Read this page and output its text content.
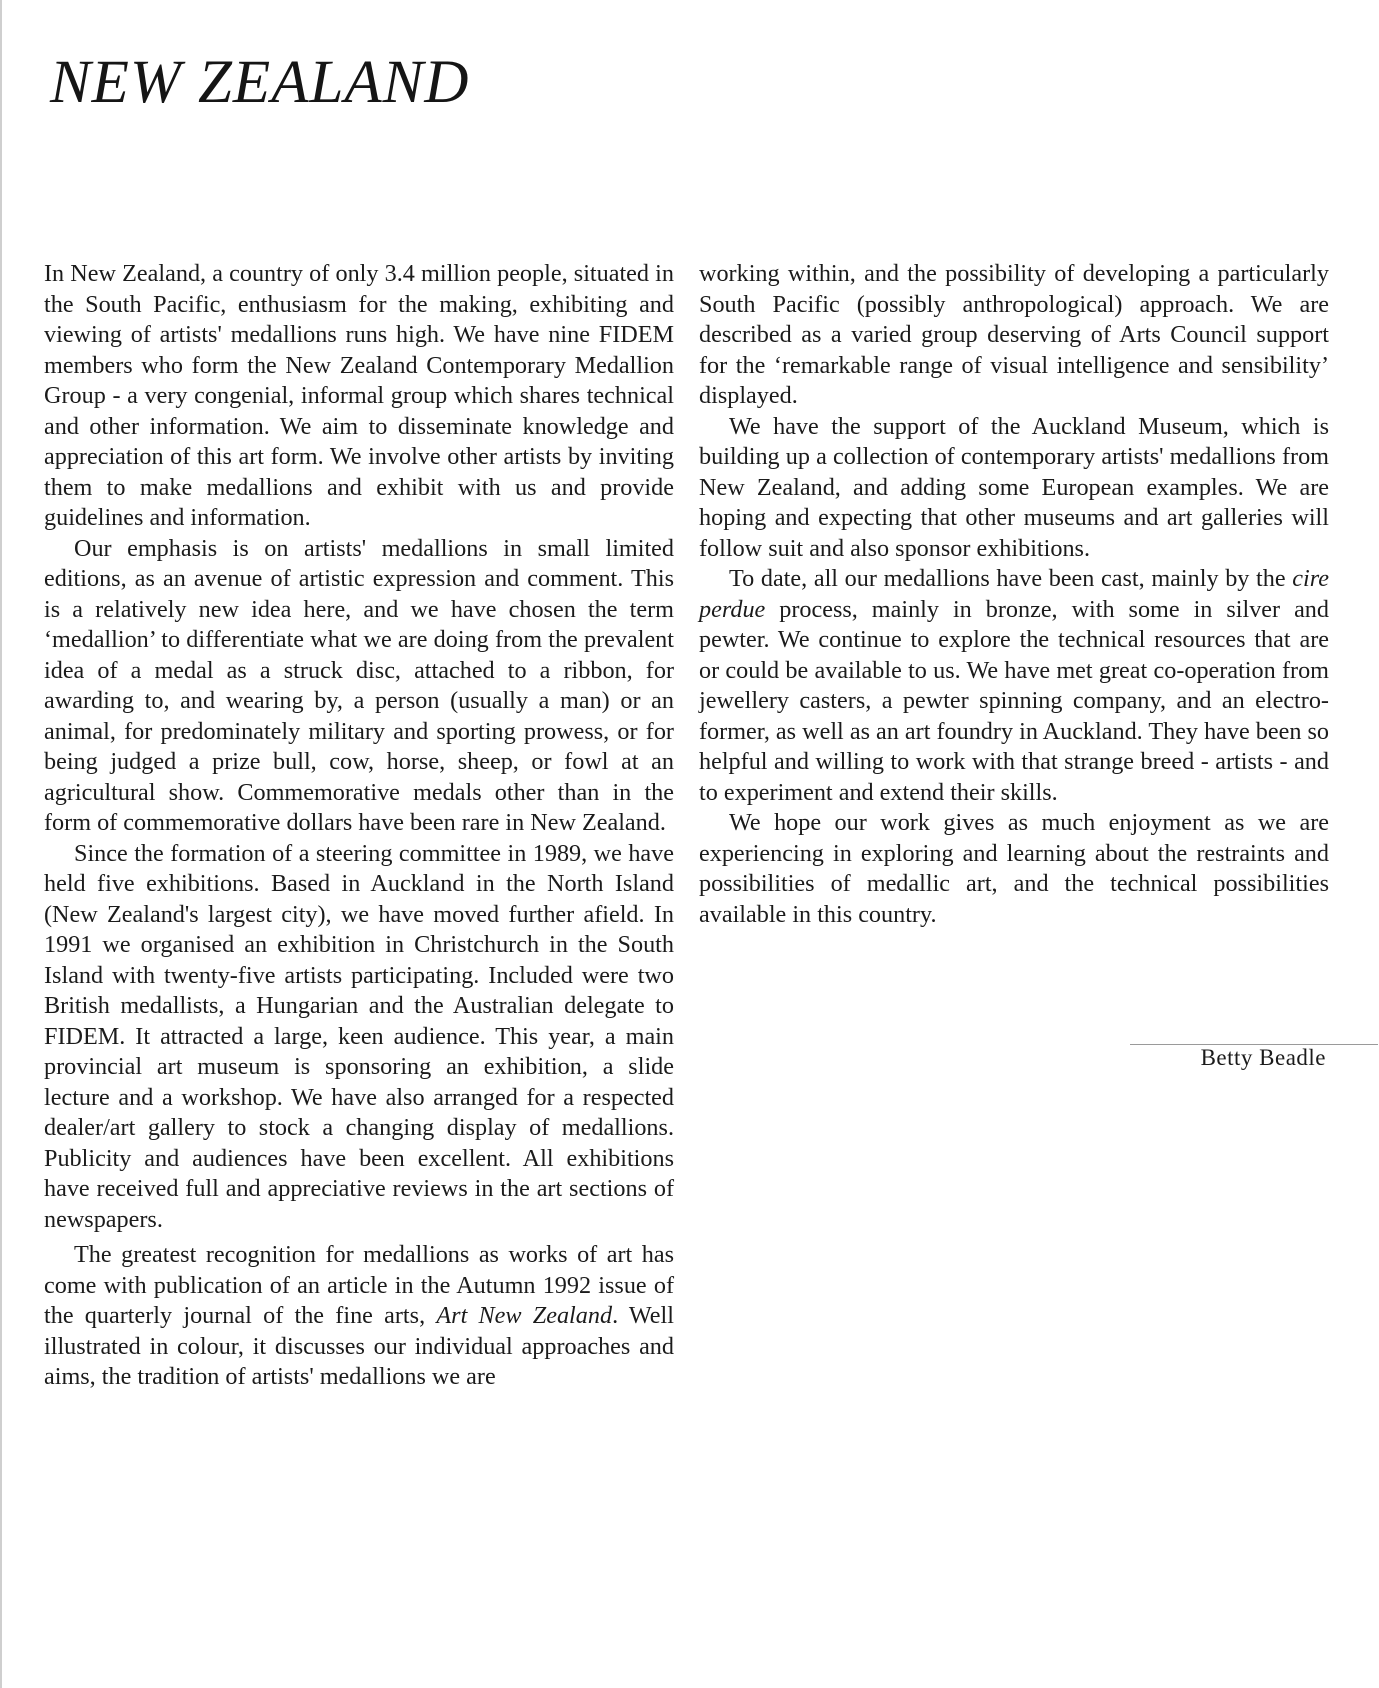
NEW ZEALAND

In New Zealand, a country of only 3.4 million people, situated in the South Pacific, enthusiasm for the making, exhibiting and viewing of artists' medallions runs high. We have nine FIDEM members who form the New Zealand Contemporary Medallion Group - a very congenial, informal group which shares technical and other information. We aim to disseminate knowledge and appreciation of this art form. We involve other artists by inviting them to make medallions and exhibit with us and provide guidelines and information.

Our emphasis is on artists' medallions in small limited editions, as an avenue of artistic expression and comment. This is a relatively new idea here, and we have chosen the term ‘medallion’ to differentiate what we are doing from the prevalent idea of a medal as a struck disc, attached to a ribbon, for awarding to, and wearing by, a person (usually a man) or an animal, for predominately military and sporting prowess, or for being judged a prize bull, cow, horse, sheep, or fowl at an agricultural show. Commemorative medals other than in the form of commemorative dollars have been rare in New Zealand.

Since the formation of a steering committee in 1989, we have held five exhibitions. Based in Auckland in the North Island (New Zealand's largest city), we have moved further afield. In 1991 we organised an exhibition in Christchurch in the South Island with twenty-five artists participating. Included were two British medallists, a Hungarian and the Australian delegate to FIDEM. It attracted a large, keen audience. This year, a main provincial art museum is sponsoring an exhibition, a slide lecture and a workshop. We have also arranged for a respected dealer/art gallery to stock a changing display of medallions. Publicity and audiences have been excellent. All exhibitions have received full and appreciative reviews in the art sections of newspapers.

The greatest recognition for medallions as works of art has come with publication of an article in the Autumn 1992 issue of the quarterly journal of the fine arts, Art New Zealand. Well illustrated in colour, it discusses our individual approaches and aims, the tradition of artists' medallions we are

working within, and the possibility of developing a particularly South Pacific (possibly anthropological) approach. We are described as a varied group deserving of Arts Council support for the ‘remarkable range of visual intelligence and sensibility’ displayed.

We have the support of the Auckland Museum, which is building up a collection of contemporary artists' medallions from New Zealand, and adding some European examples. We are hoping and expecting that other museums and art galleries will follow suit and also sponsor exhibitions.

To date, all our medallions have been cast, mainly by the cire perdue process, mainly in bronze, with some in silver and pewter. We continue to explore the technical resources that are or could be available to us. We have met great co-operation from jewellery casters, a pewter spinning company, and an electro-former, as well as an art foundry in Auckland. They have been so helpful and willing to work with that strange breed - artists - and to experiment and extend their skills.

We hope our work gives as much enjoyment as we are experiencing in exploring and learning about the restraints and possibilities of medallic art, and the technical possibilities available in this country.

Betty Beadle
